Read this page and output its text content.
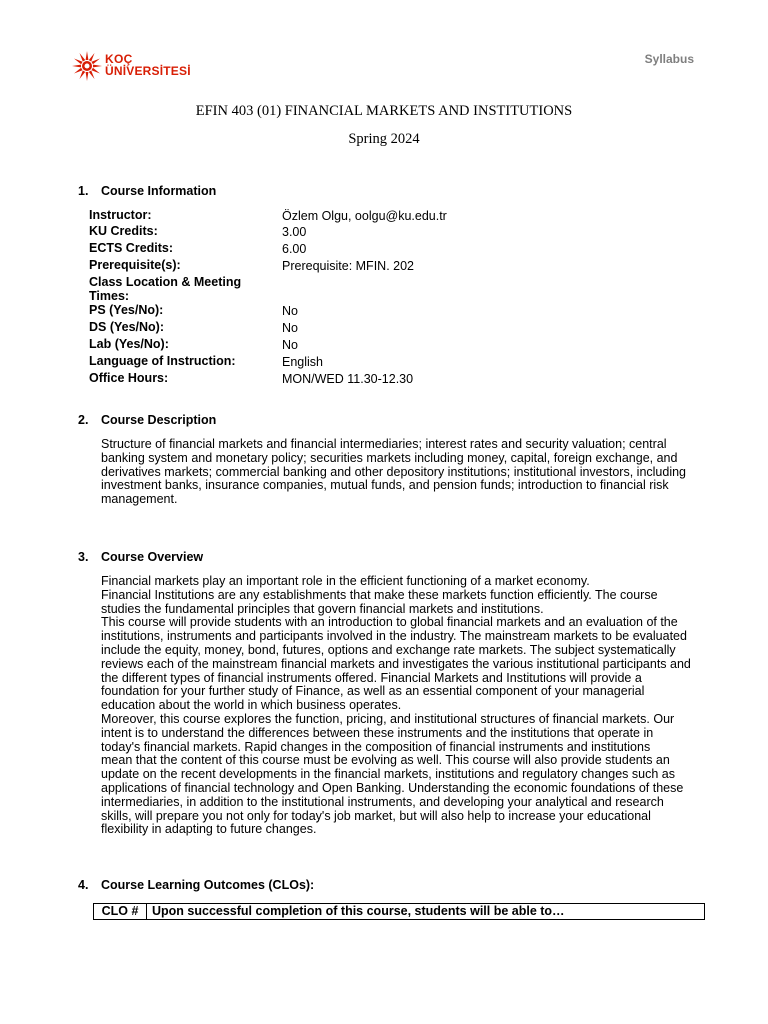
KOÇ
ÜNİVERSİTESİ
Syllabus
EFIN 403 (01) FINANCIAL MARKETS AND INSTITUTIONS
Spring 2024
1. Course Information
Instructor:	Özlem Olgu, oolgu@ku.edu.tr
KU Credits:	3.00
ECTS Credits:	6.00
Prerequisite(s):	Prerequisite: MFIN. 202
Class Location & Meeting
Times:
PS (Yes/No):	No
DS (Yes/No):	No
Lab (Yes/No):	No
Language of Instruction:	English
Office Hours:	MON/WED 11.30-12.30
2. Course Description

Structure of financial markets and financial intermediaries; interest rates and security valuation; central

banking system and monetary policy; securities markets including money, capital, foreign exchange, and

derivatives markets; commercial banking and other depository institutions; institutional investors, including

investment banks, insurance companies, mutual funds, and pension funds; introduction to financial risk

management.

3. Course Overview

Financial markets play an important role in the efficient functioning of a market economy.

Financial Institutions are any establishments that make these markets function efficiently. The course

studies the fundamental principles that govern financial markets and institutions.

This course will provide students with an introduction to global financial markets and an evaluation of the

institutions, instruments and participants involved in the industry. The mainstream markets to be evaluated

include the equity, money, bond, futures, options and exchange rate markets. The subject systematically

reviews each of the mainstream financial markets and investigates the various institutional participants and

the different types of financial instruments offered. Financial Markets and Institutions will provide a

foundation for your further study of Finance, as well as an essential component of your managerial

education about the world in which business operates.

Moreover, this course explores the function, pricing, and institutional structures of financial markets. Our

intent is to understand the differences between these instruments and the institutions that operate in

today's financial markets. Rapid changes in the composition of financial instruments and institutions

mean that the content of this course must be evolving as well. This course will also provide students an

update on the recent developments in the financial markets, institutions and regulatory changes such as

applications of financial technology and Open Banking. Understanding the economic foundations of these

intermediaries, in addition to the institutional instruments, and developing your analytical and research

skills, will prepare you not only for today's job market, but will also help to increase your educational

flexibility in adapting to future changes.

4. Course Learning Outcomes (CLOs):
CLO #	Upon successful completion of this course, students will be able to…
